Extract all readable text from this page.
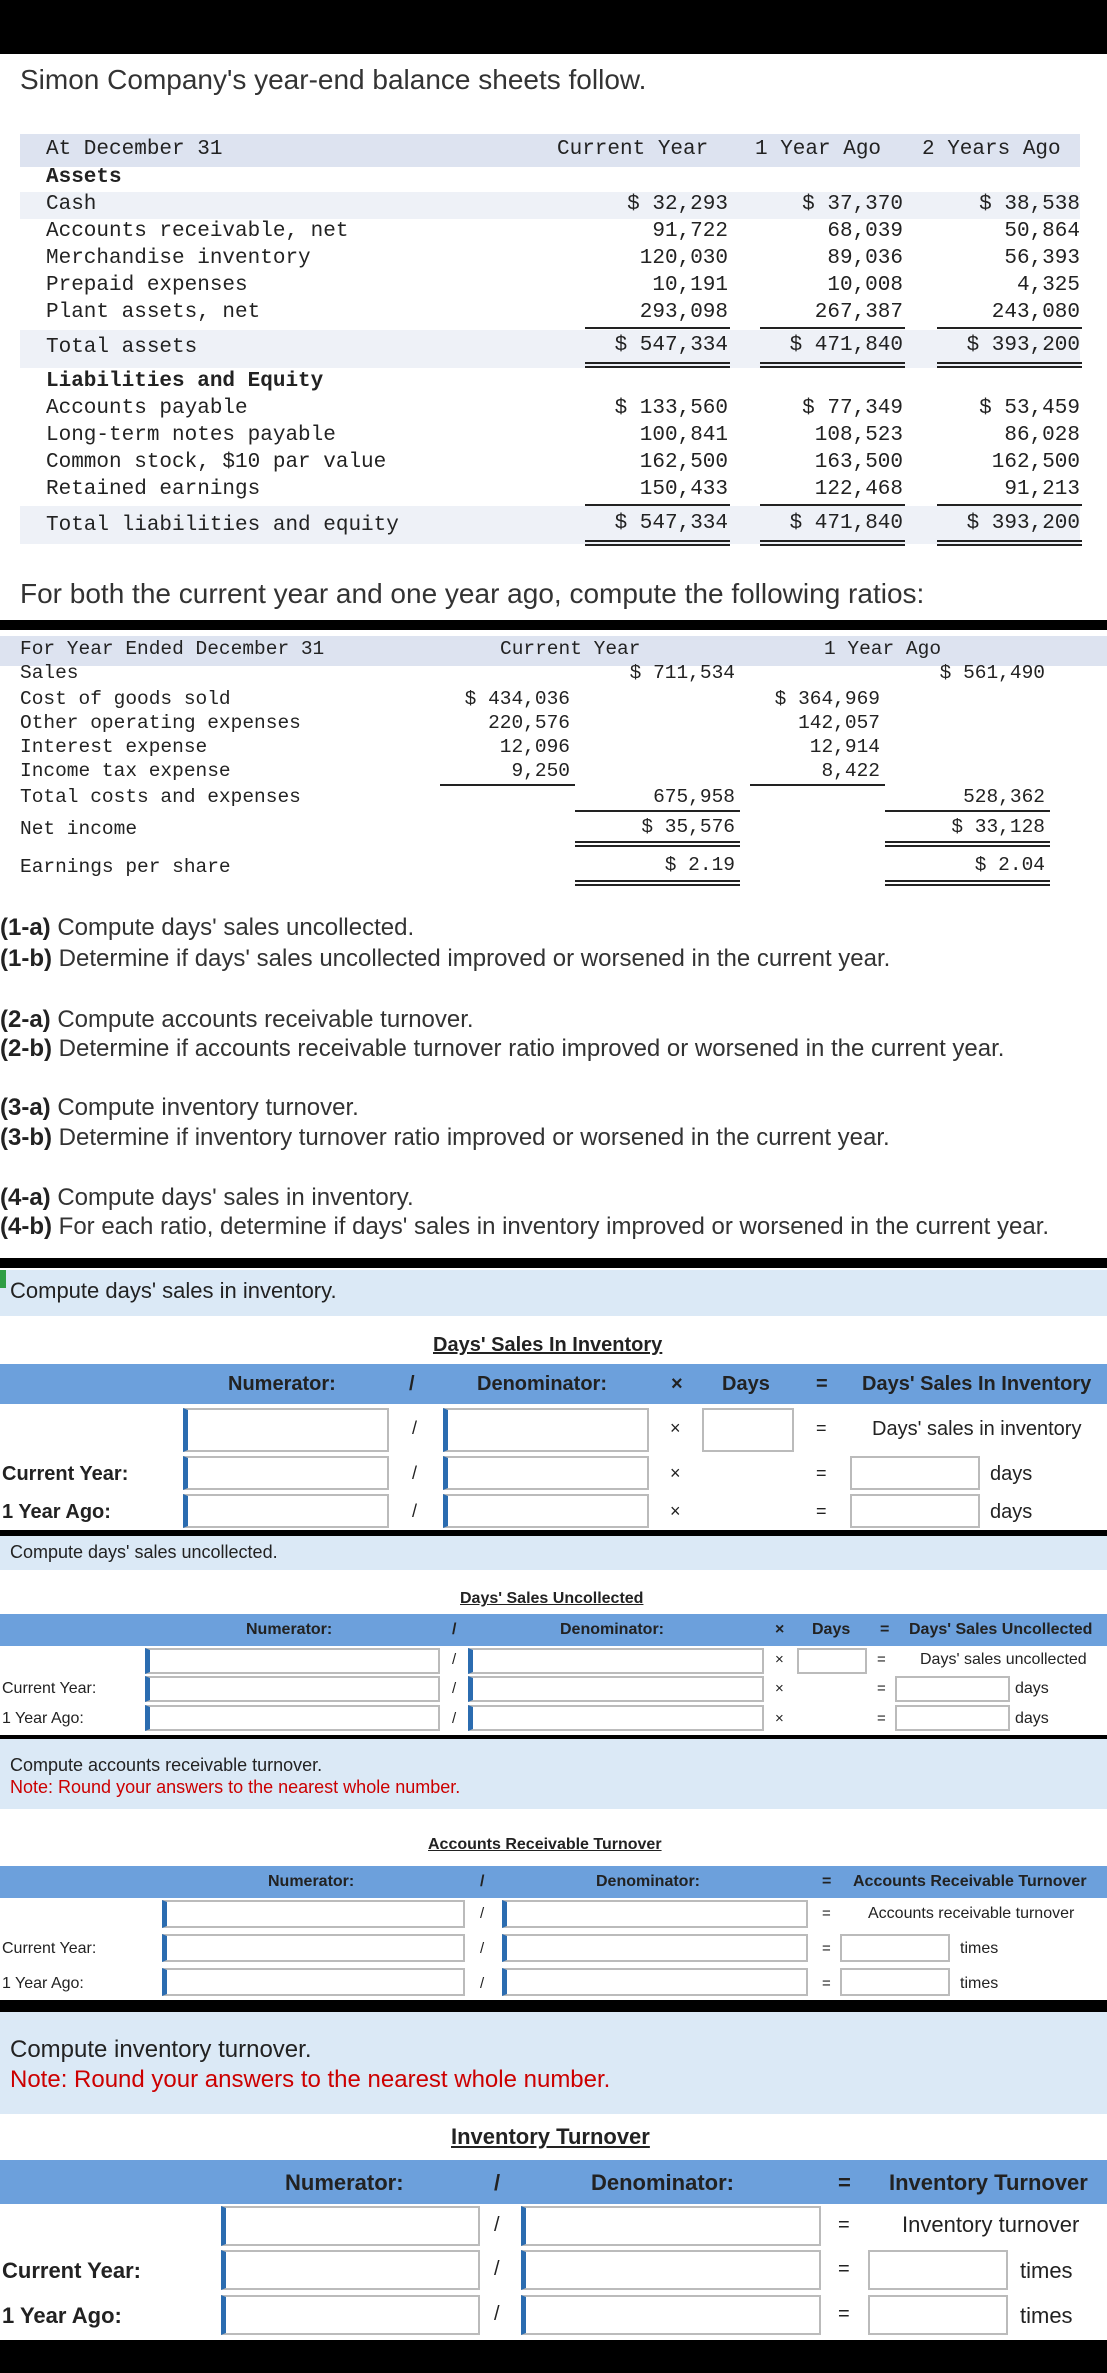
Simon Company's year-end balance sheets follow.
At December 31	Current Year 1 Year Ago 2 Years Ago
Assets
Cash	$ 32,293	$ 37,370	$ 38,538
Accounts receivable, net	91,722	68,039	50,864
Merchandise inventory	120,030	89,036	56,393
Prepaid expenses	10,191	10,008	4,325
Plant assets, net	293,098	267,387	243,080
Total assets	$ 547,334	$ 471,840	$ 393,200
Liabilities and Equity
Accounts payable	$ 133,560	$ 77,349	$ 53,459
Long-term notes payable	100,841	108,523	86,028
Common stock, $10 par value	162,500	163,500	162,500
Retained earnings	150,433	122,468	91,213
Total liabilities and equity	$ 547,334	$ 471,840	$ 393,200
For both the current year and one year ago, compute the following ratios:
For Year Ended December 31	Current Year	1 Year Ago
Sales	$ 711,534	$ 561,490
Cost of goods sold	$ 434,036	$ 364,969
Other operating expenses	220,576	142,057
Interest expense	12,096	12,914
Income tax expense	9,250	8,422
Total costs and expenses	675,958	528,362
Net income	$ 35,576	$ 33,128
Earnings per share	$ 2.19	$ 2.04
(1-a) Compute days' sales uncollected.
(1-b) Determine if days' sales uncollected improved or worsened in the current year.
(2-a) Compute accounts receivable turnover.
(2-b) Determine if accounts receivable turnover ratio improved or worsened in the current year.
(3-a) Compute inventory turnover.
(3-b) Determine if inventory turnover ratio improved or worsened in the current year.
(4-a) Compute days' sales in inventory.
(4-b) For each ratio, determine if days' sales in inventory improved or worsened in the current year.
Compute days' sales in inventory.
Days' Sales In Inventory
Numerator:	/	Denominator:	× Days = Days' Sales In Inventory
/	×	= Days' sales in inventory
Current Year:	/	×	=	days
1 Year Ago:	/	×	=	days
Compute days' sales uncollected.
Days' Sales Uncollected
Numerator:	/	Denominator:	× Days = Days' Sales Uncollected
/	×	= Days' sales uncollected
Current Year:	/	×	=	days
1 Year Ago:	/	×	=	days
Compute accounts receivable turnover.
Note: Round your answers to the nearest whole number.
Accounts Receivable Turnover
Numerator:	/	Denominator:	= Accounts Receivable Turnover
/	= Accounts receivable turnover
Current Year:	/	=	times
1 Year Ago:	/	=	times
Compute inventory turnover.
Note: Round your answers to the nearest whole number.
Inventory Turnover
Numerator:	/	Denominator:	= Inventory Turnover
/	= Inventory turnover
Current Year:	/	=	times
1 Year Ago:	/	=	times
